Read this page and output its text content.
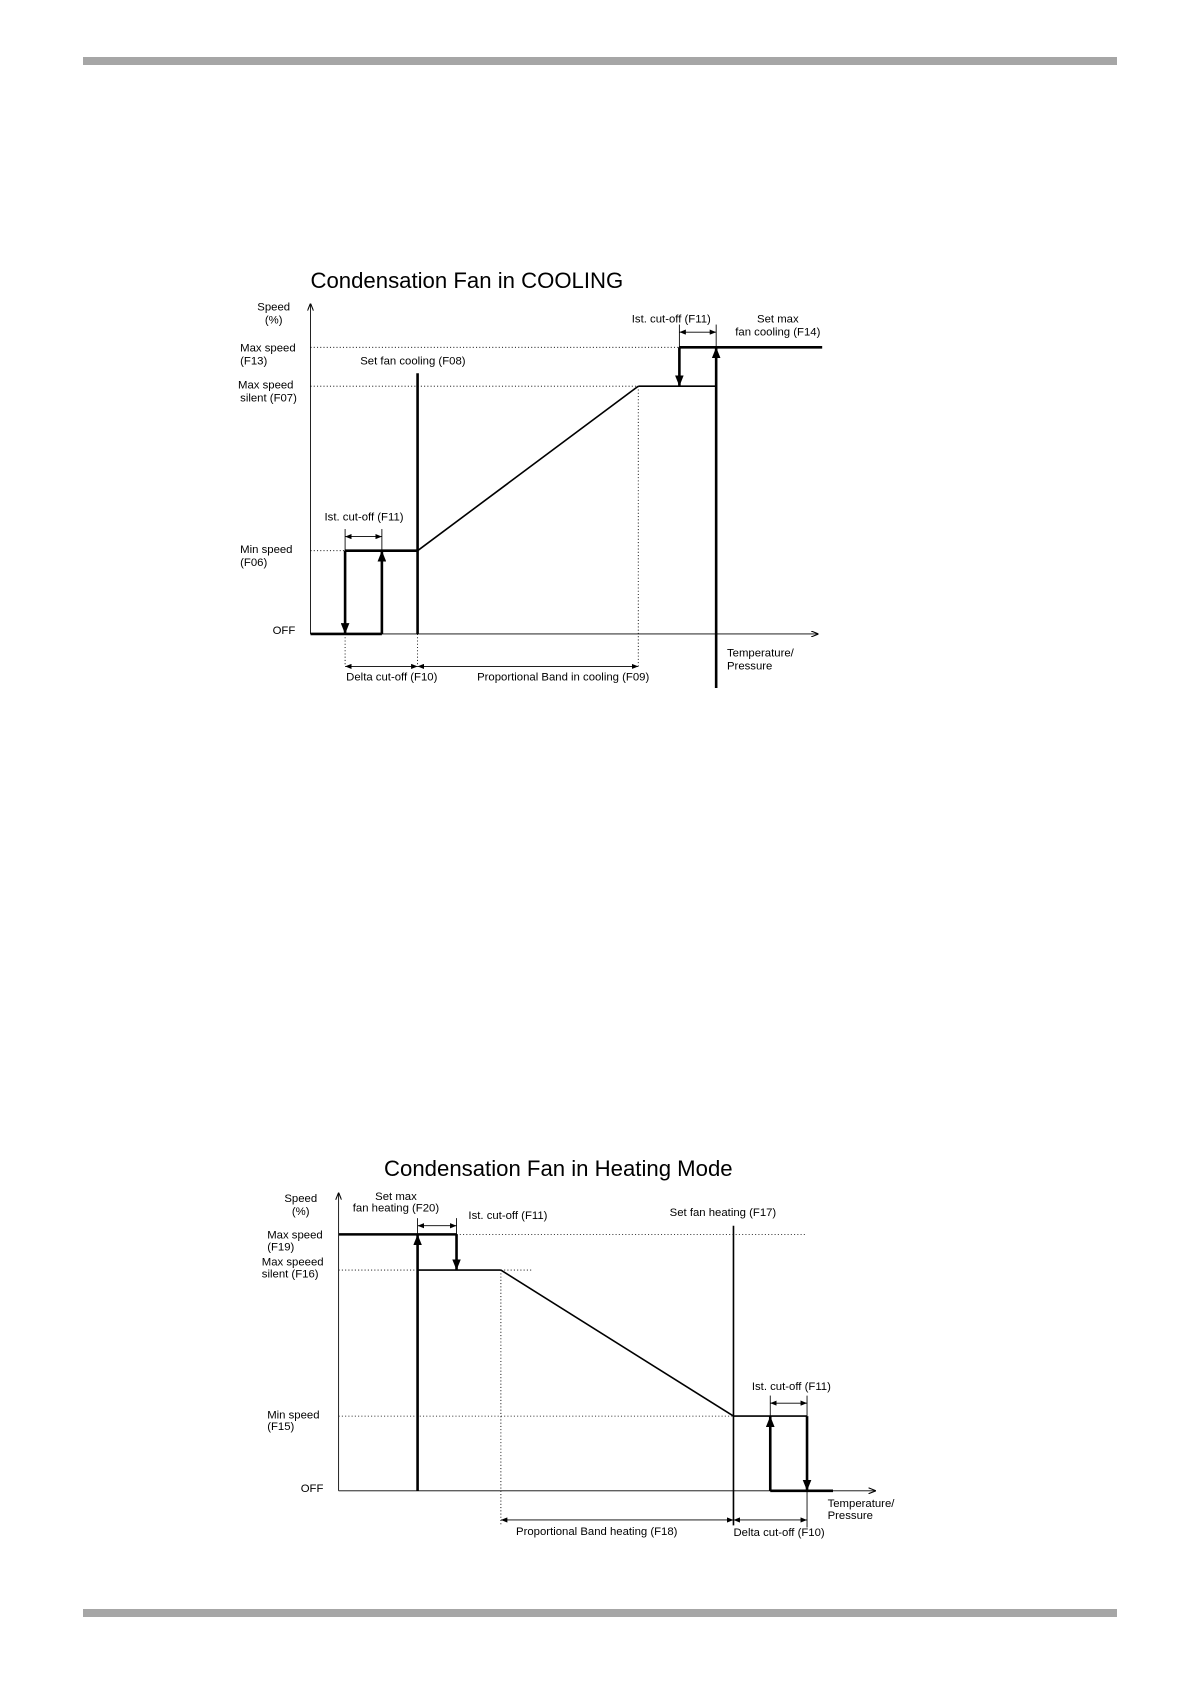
Condensation Fan in COOLING
Speed
(%)
Max speed
(F13)
Max speed
silent (F07)
Min speed
(F06)
OFF
Set fan cooling (F08)
Ist. cut-off (F11)
Ist. cut-off (F11)	Set max
fan cooling (F14)
Temperature/
Pressure
Delta cut-off (F10)	Proportional Band in cooling (F09)
Condensation Fan in Heating Mode
Speed
(%)
Set max
fan heating (F20)
Max speed
(F19)
Max speeed
silent (F16)
Min speed
(F15)
OFF
Ist. cut-off (F11)	Set fan heating (F17)
Ist. cut-off (F11)
Temperature/
Pressure
Proportional Band heating (F18)	Delta cut-off (F10)
